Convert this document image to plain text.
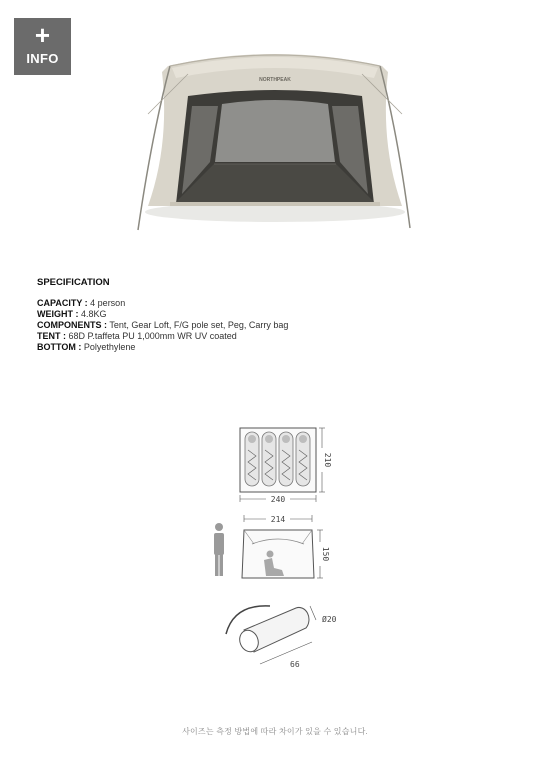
+
INFO
NORTHPEAK
SPECIFICATION
CAPACITY : 4 person
WEIGHT : 4.8KG
COMPONENTS : Tent, Gear Loft, F/G pole set, Peg, Carry bag
TENT : 68D P.taffeta PU 1,000mm WR UV coated
BOTTOM : Polyethylene
240
210
214
150
Ø20
66
사이즈는 측정 방법에 따라 차이가 있을 수 있습니다.
